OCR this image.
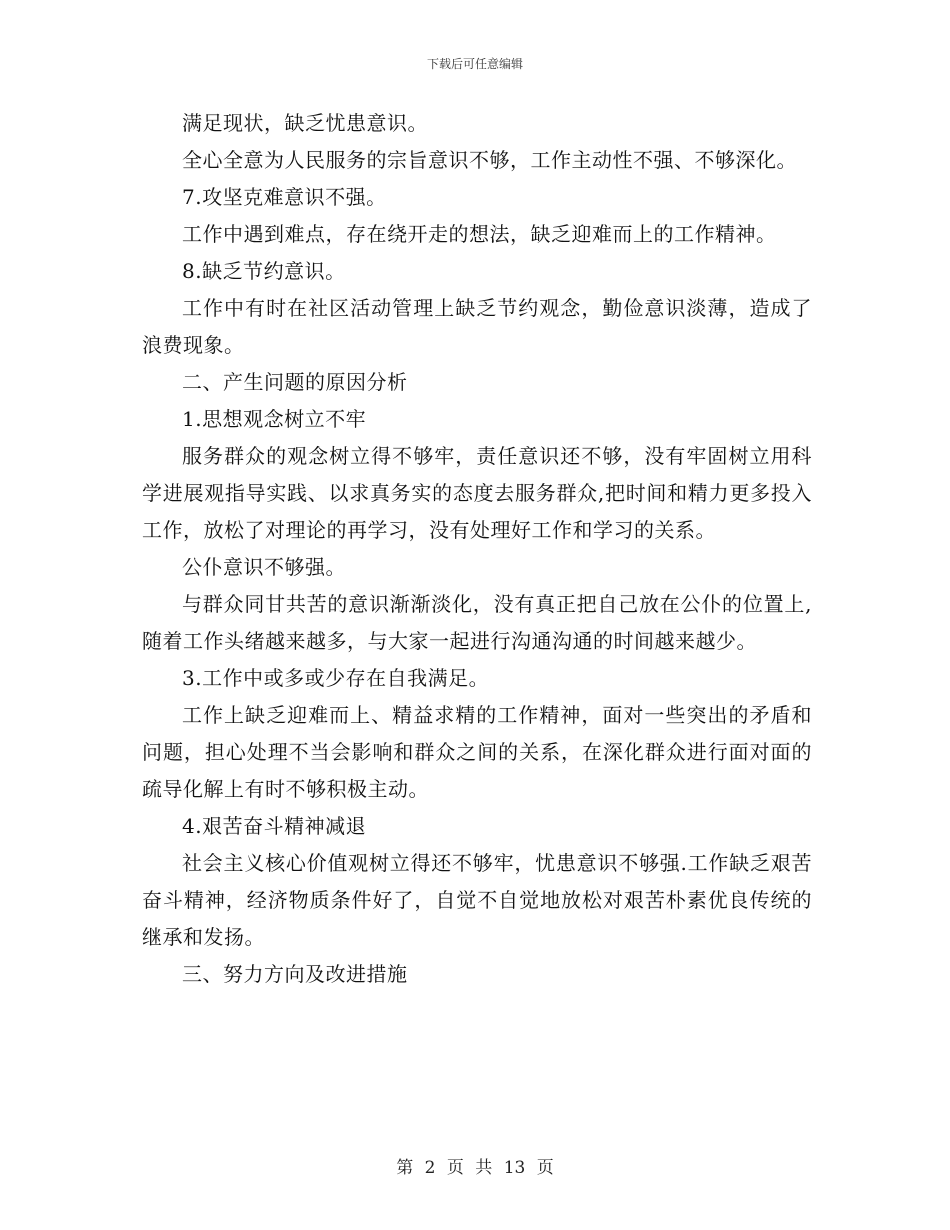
下载后可任意编辑

满足现状，缺乏忧患意识。

全心全意为人民服务的宗旨意识不够，工作主动性不强、不够深化。

7.攻坚克难意识不强。

工作中遇到难点，存在绕开走的想法，缺乏迎难而上的工作精神。

8.缺乏节约意识。

工作中有时在社区活动管理上缺乏节约观念，勤俭意识淡薄，造成了浪费现象。

二、产生问题的原因分析

1.思想观念树立不牢

服务群众的观念树立得不够牢，责任意识还不够，没有牢固树立用科学进展观指导实践、以求真务实的态度去服务群众,把时间和精力更多投入工作，放松了对理论的再学习，没有处理好工作和学习的关系。

公仆意识不够强。

与群众同甘共苦的意识渐渐淡化，没有真正把自己放在公仆的位置上,随着工作头绪越来越多，与大家一起进行沟通沟通的时间越来越少。

3.工作中或多或少存在自我满足。

工作上缺乏迎难而上、精益求精的工作精神，面对一些突出的矛盾和问题，担心处理不当会影响和群众之间的关系，在深化群众进行面对面的疏导化解上有时不够积极主动。

4.艰苦奋斗精神减退

社会主义核心价值观树立得还不够牢，忧患意识不够强.工作缺乏艰苦奋斗精神，经济物质条件好了，自觉不自觉地放松对艰苦朴素优良传统的继承和发扬。

三、努力方向及改进措施

第 2 页 共 13 页
